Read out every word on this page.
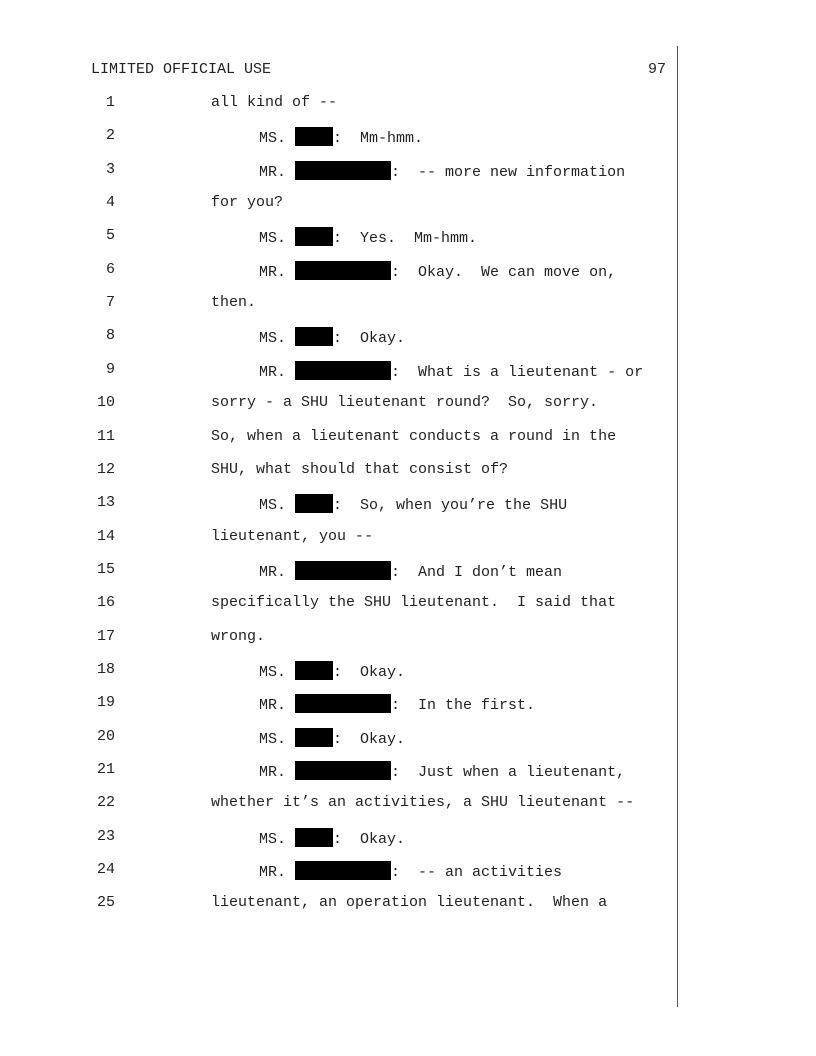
LIMITED OFFICIAL USE	97
1	all kind of --
2	MS.	:  Mm-hmm.
3	MR.	:  -- more new information
4	for you?
5	MS.	:  Yes.  Mm-hmm.
6	MR.	:  Okay.  We can move on,
7	then.
8	MS.	:  Okay.
9	MR.	:  What is a lieutenant - or
10	sorry - a SHU lieutenant round?  So, sorry.
11	So, when a lieutenant conducts a round in the
12	SHU, what should that consist of?
13	MS.	:  So, when you’re the SHU
14	lieutenant, you --
15	MR.	:  And I don’t mean
16	specifically the SHU lieutenant.  I said that
17	wrong.
18	MS.	:  Okay.
19	MR.	:  In the first.
20	MS.	:  Okay.
21	MR.	:  Just when a lieutenant,
22	whether it’s an activities, a SHU lieutenant --
23	MS.	:  Okay.
24	MR.	:  -- an activities
25	lieutenant, an operation lieutenant.  When a
